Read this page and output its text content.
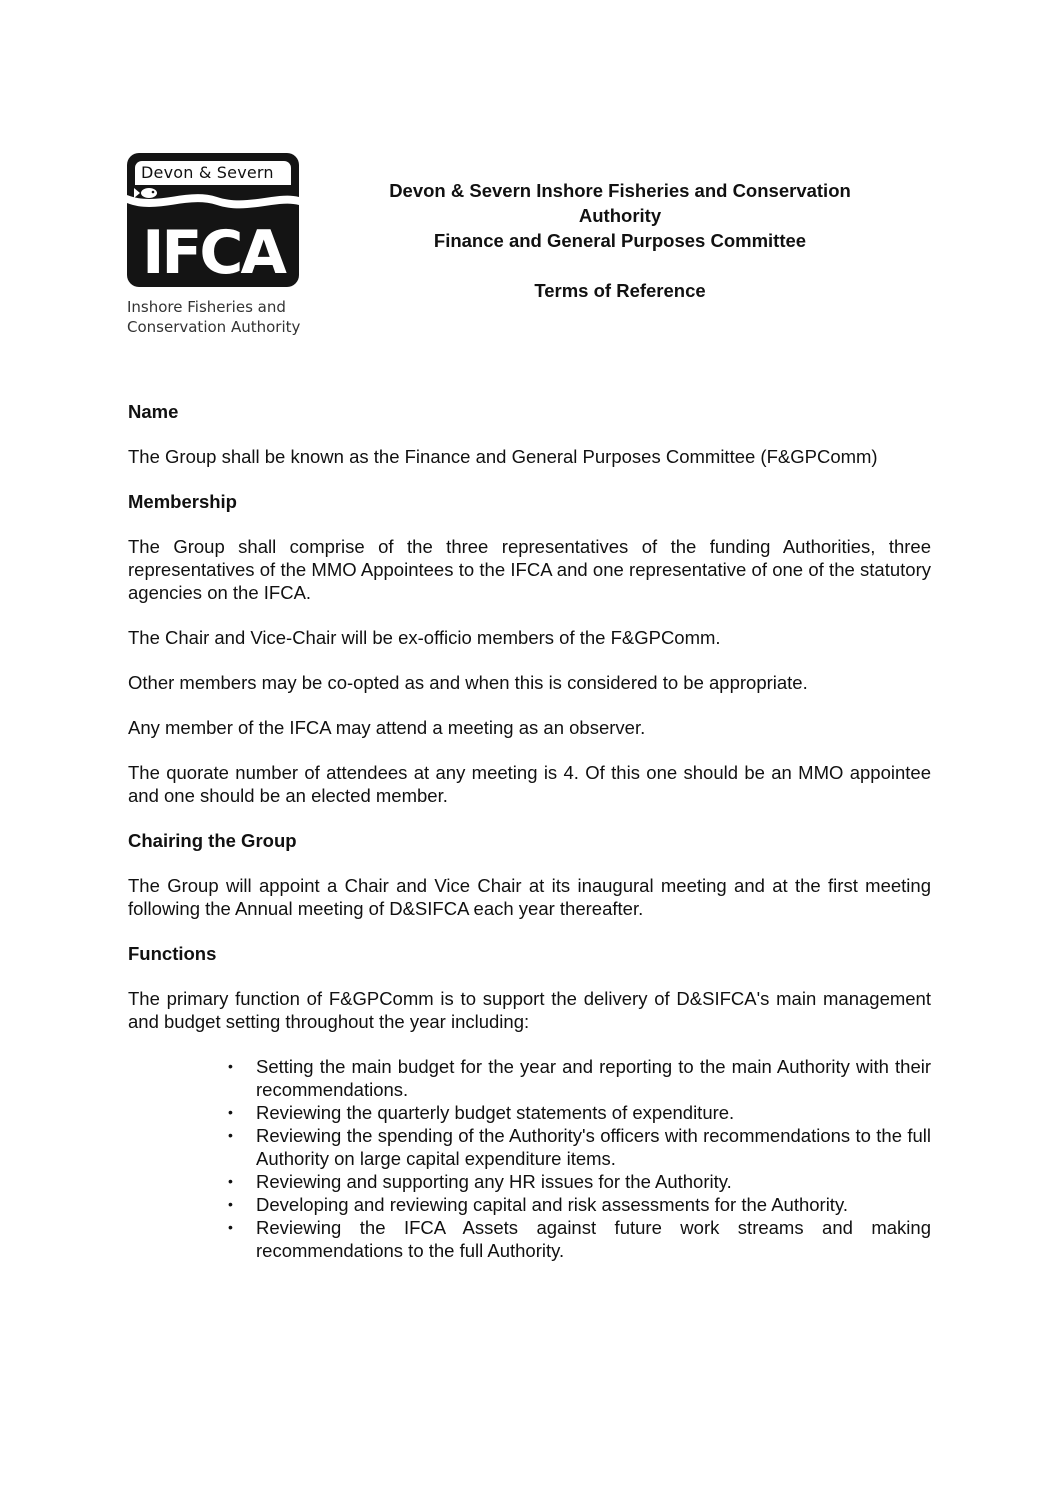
Devon & Severn
IFCA
Inshore Fisheries and
Conservation Authority
Devon & Severn Inshore Fisheries and Conservation
Authority
Finance and General Purposes Committee
Terms of Reference
Name

The Group shall be known as the Finance and General Purposes Committee (F&GPComm)

Membership

The Group shall comprise of the three representatives of the funding Authorities, three representatives of the MMO Appointees to the IFCA and one representative of one of the statutory agencies on the IFCA.

The Chair and Vice-Chair will be ex-officio members of the F&GPComm.

Other members may be co-opted as and when this is considered to be appropriate.

Any member of the IFCA may attend a meeting as an observer.

The quorate number of attendees at any meeting is 4. Of this one should be an MMO appointee and one should be an elected member.

Chairing the Group

The Group will appoint a Chair and Vice Chair at its inaugural meeting and at the first meeting following the Annual meeting of D&SIFCA each year thereafter.

Functions

The primary function of F&GPComm is to support the delivery of D&SIFCA's main management and budget setting throughout the year including:

• Setting the main budget for the year and reporting to the main Authority with their recommendations.
• Reviewing the quarterly budget statements of expenditure.
• Reviewing the spending of the Authority's officers with recommendations to the full Authority on large capital expenditure items.
• Reviewing and supporting any HR issues for the Authority.
• Developing and reviewing capital and risk assessments for the Authority.
• Reviewing the IFCA Assets against future work streams and making recommendations to the full Authority.
